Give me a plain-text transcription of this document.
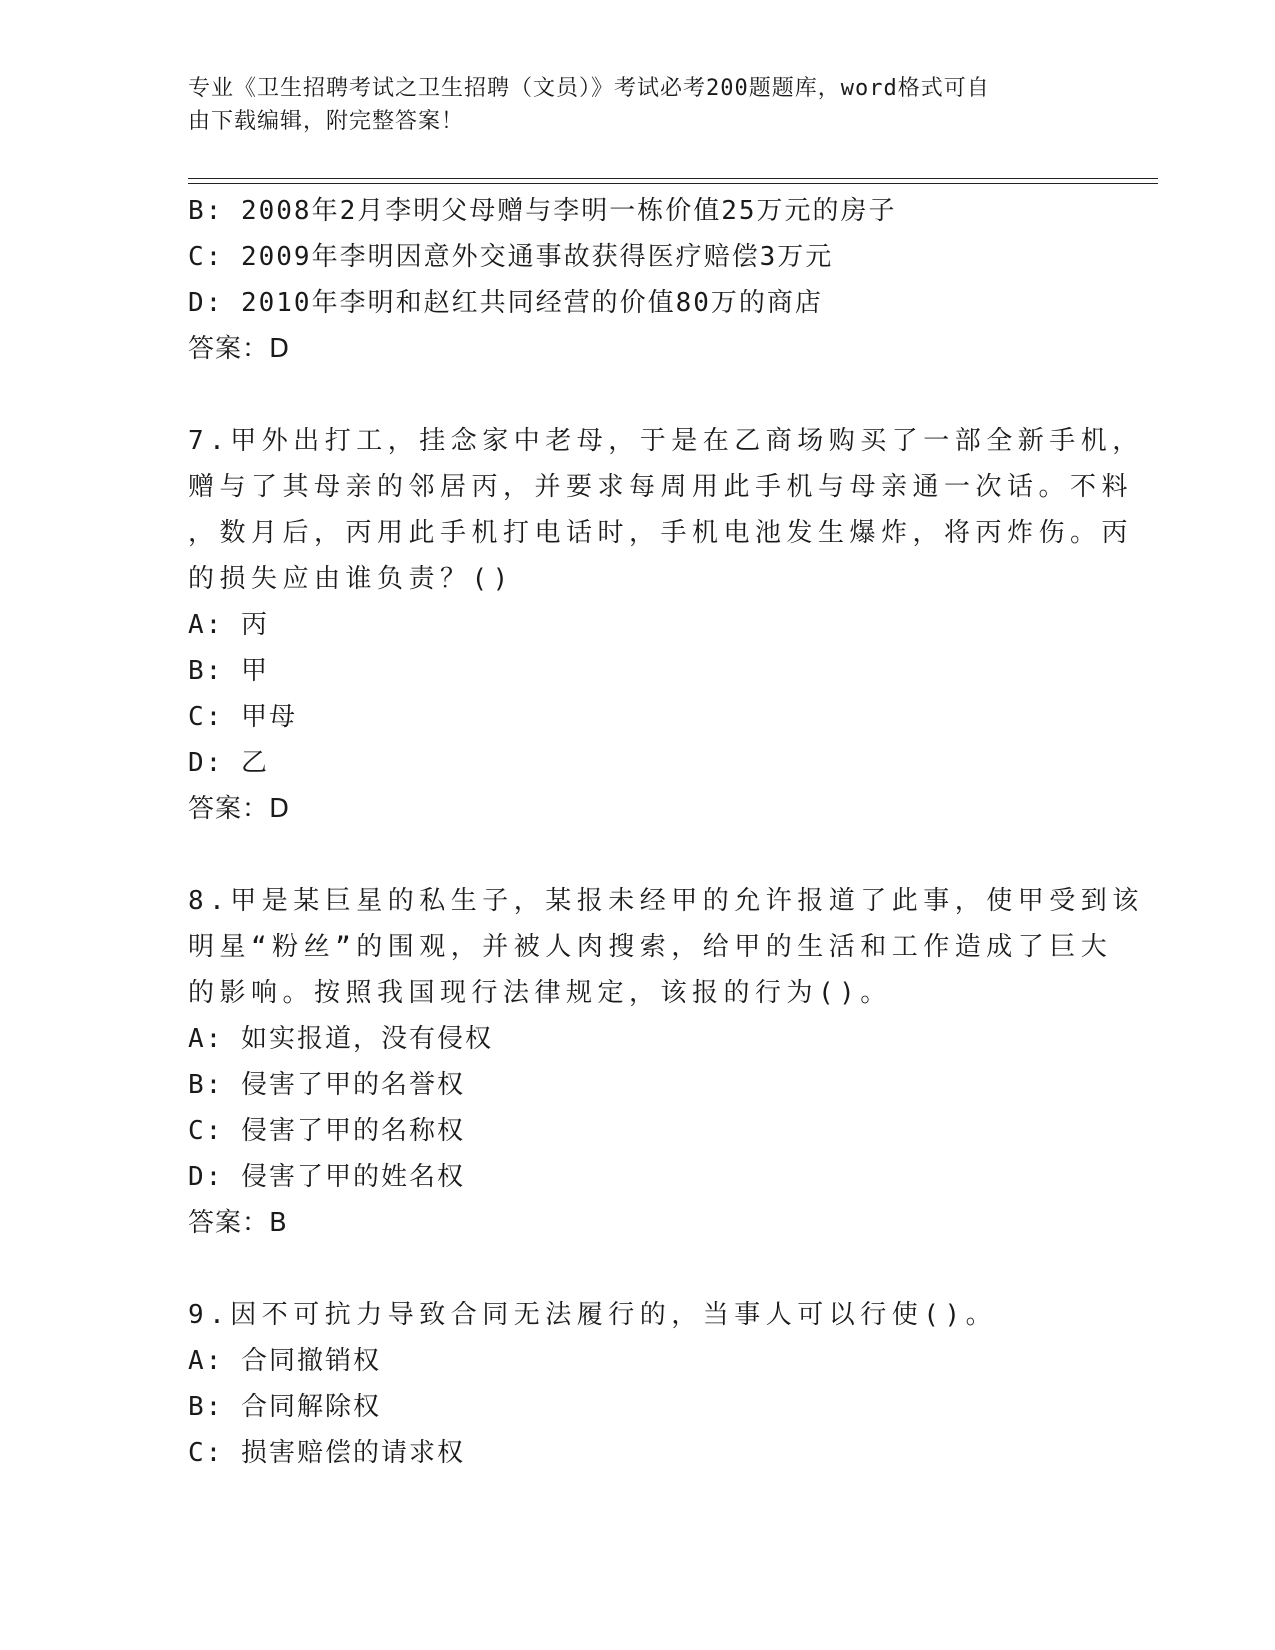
专业《卫生招聘考试之卫生招聘（文员）》考试必考200题题库，word格式可自
由下载编辑，附完整答案！
B: 2008年2月李明父母赠与李明一栋价值25万元的房子
C: 2009年李明因意外交通事故获得医疗赔偿3万元
D: 2010年李明和赵红共同经营的价值80万的商店
答案：D
7.甲外出打工，挂念家中老母，于是在乙商场购买了一部全新手机，
赠与了其母亲的邻居丙，并要求每周用此手机与母亲通一次话。不料
，数月后，丙用此手机打电话时，手机电池发生爆炸，将丙炸伤。丙
的损失应由谁负责？()
A: 丙
B: 甲
C: 甲母
D: 乙
答案：D
8.甲是某巨星的私生子，某报未经甲的允许报道了此事，使甲受到该
明星“粉丝”的围观，并被人肉搜索，给甲的生活和工作造成了巨大
的影响。按照我国现行法律规定，该报的行为()。
A: 如实报道，没有侵权
B: 侵害了甲的名誉权
C: 侵害了甲的名称权
D: 侵害了甲的姓名权
答案：B
9.因不可抗力导致合同无法履行的，当事人可以行使()。
A: 合同撤销权
B: 合同解除权
C: 损害赔偿的请求权
